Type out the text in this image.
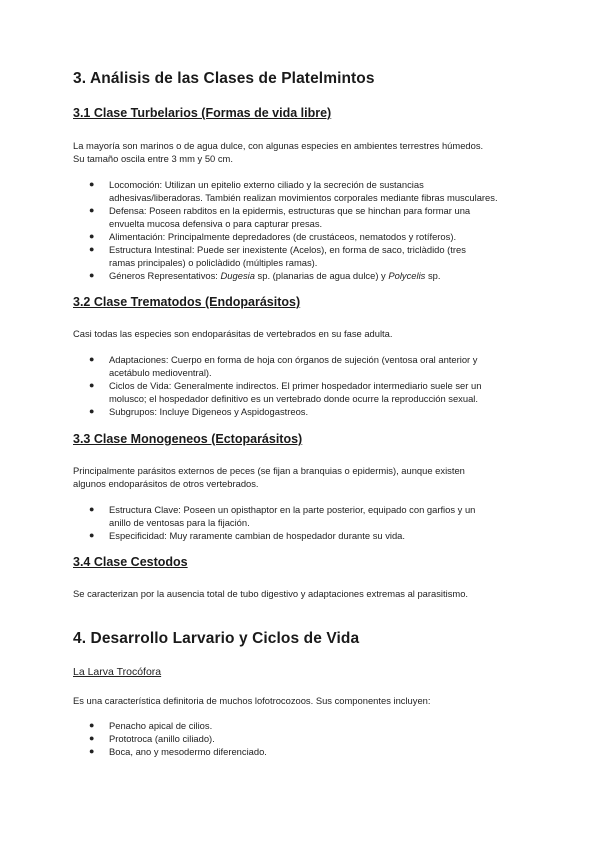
3. Análisis de las Clases de Platelmintos
3.1 Clase Turbelarios (Formas de vida libre)

La mayoría son marinos o de agua dulce, con algunas especies en ambientes terrestres húmedos.

Su tamaño oscila entre 3 mm y 50 cm.

● Locomoción: Utilizan un epitelio externo ciliado y la secreción de sustancias
adhesivas/liberadoras. También realizan movimientos corporales mediante fibras musculares.
● Defensa: Poseen rabditos en la epidermis, estructuras que se hinchan para formar una
envuelta mucosa defensiva o para capturar presas.
● Alimentación: Principalmente depredadores (de crustáceos, nematodos y rotíferos).
● Estructura Intestinal: Puede ser inexistente (Acelos), en forma de saco, triclàdido (tres
ramas principales) o policlàdido (múltiples ramas).
● Géneros Representativos: Dugesia sp. (planarias de agua dulce) y Polycelis sp.
3.2 Clase Trematodos (Endoparásitos)

Casi todas las especies son endoparásitas de vertebrados en su fase adulta.

● Adaptaciones: Cuerpo en forma de hoja con órganos de sujeción (ventosa oral anterior y
acetábulo medioventral).
● Ciclos de Vida: Generalmente indirectos. El primer hospedador intermediario suele ser un
molusco; el hospedador definitivo es un vertebrado donde ocurre la reproducción sexual.
● Subgrupos: Incluye Digeneos y Aspidogastreos.
3.3 Clase Monogeneos (Ectoparásitos)

Principalmente parásitos externos de peces (se fijan a branquias o epidermis), aunque existen

algunos endoparásitos de otros vertebrados.

● Estructura Clave: Poseen un opisthaptor en la parte posterior, equipado con garfios y un
anillo de ventosas para la fijación.
● Especificidad: Muy raramente cambian de hospedador durante su vida.
3.4 Clase Cestodos

Se caracterizan por la ausencia total de tubo digestivo y adaptaciones extremas al parasitismo.

4. Desarrollo Larvario y Ciclos de Vida
La Larva Trocófora

Es una característica definitoria de muchos lofotrocozoos. Sus componentes incluyen:

● Penacho apical de cilios.
● Prototroca (anillo ciliado).
● Boca, ano y mesodermo diferenciado.
